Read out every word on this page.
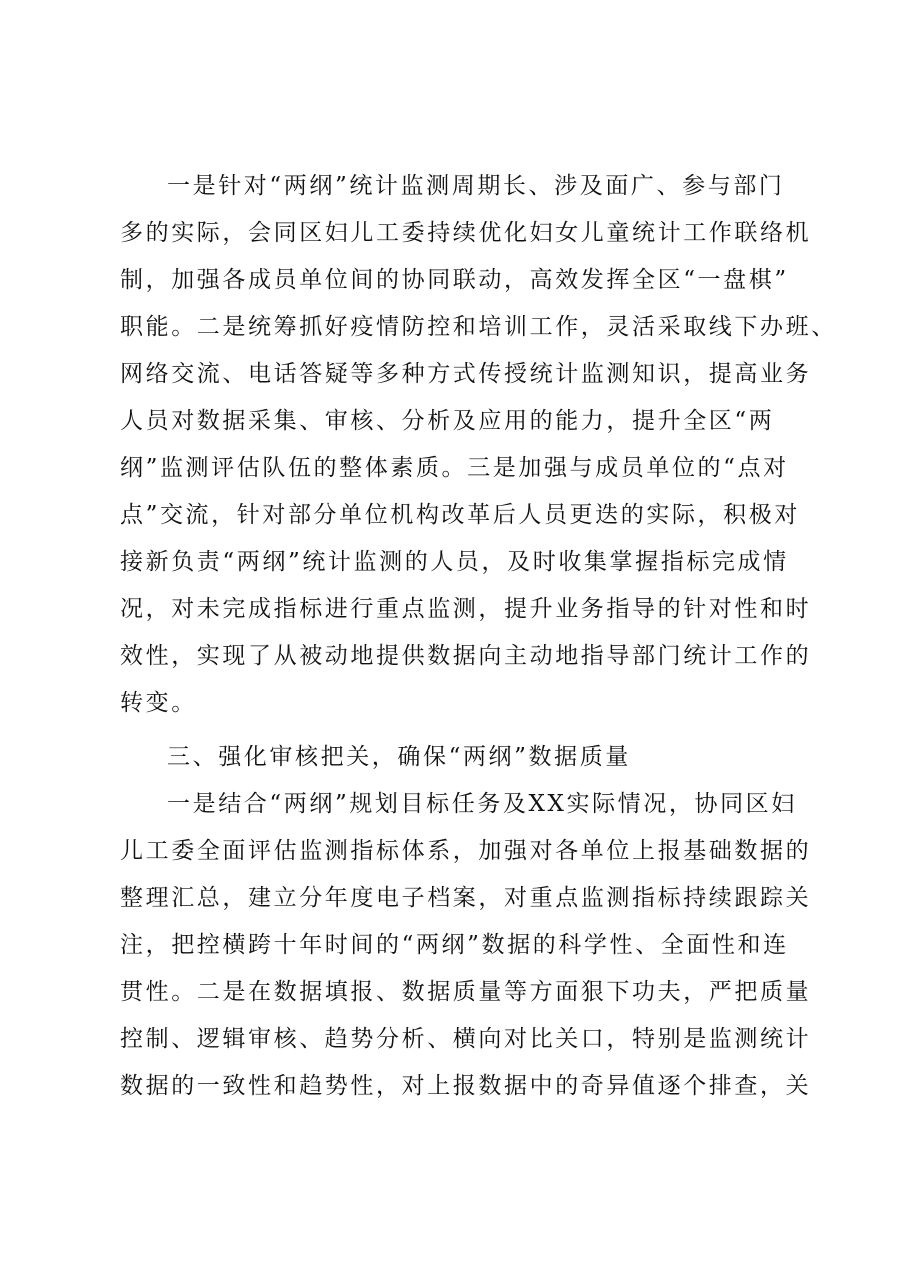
一是针对“两纲”统计监测周期长、涉及面广、参与部门
多的实际，会同区妇儿工委持续优化妇女儿童统计工作联络机
制，加强各成员单位间的协同联动，高效发挥全区“一盘棋”
职能。二是统筹抓好疫情防控和培训工作，灵活采取线下办班、
网络交流、电话答疑等多种方式传授统计监测知识，提高业务
人员对数据采集、审核、分析及应用的能力，提升全区“两
纲”监测评估队伍的整体素质。三是加强与成员单位的“点对
点”交流，针对部分单位机构改革后人员更迭的实际，积极对
接新负责“两纲”统计监测的人员，及时收集掌握指标完成情
况，对未完成指标进行重点监测，提升业务指导的针对性和时
效性，实现了从被动地提供数据向主动地指导部门统计工作的
转变。
三、强化审核把关，确保“两纲”数据质量
一是结合“两纲”规划目标任务及XX实际情况，协同区妇
儿工委全面评估监测指标体系，加强对各单位上报基础数据的
整理汇总，建立分年度电子档案，对重点监测指标持续跟踪关
注，把控横跨十年时间的“两纲”数据的科学性、全面性和连
贯性。二是在数据填报、数据质量等方面狠下功夫，严把质量
控制、逻辑审核、趋势分析、横向对比关口，特别是监测统计
数据的一致性和趋势性，对上报数据中的奇异值逐个排查，关
